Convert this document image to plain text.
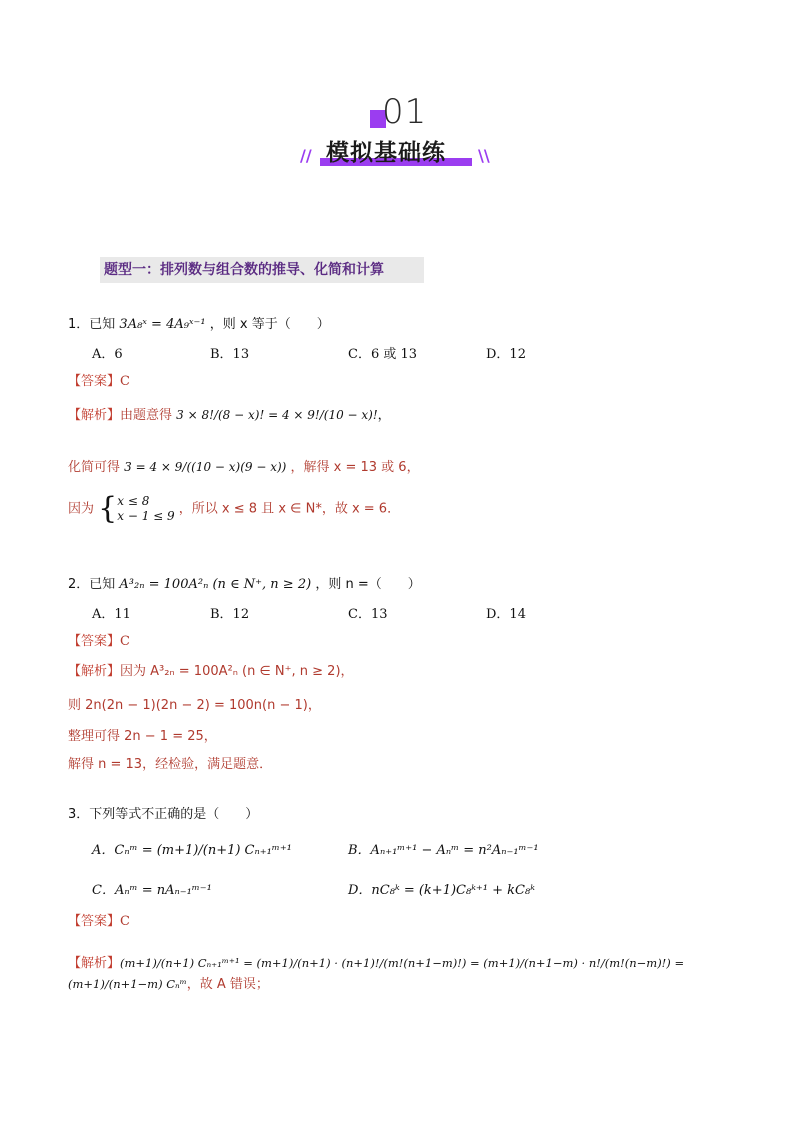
01
// 模拟基础练 \\
题型一：排列数与组合数的推导、化简和计算
1．已知 3A₈ˣ = 4A₉ˣ⁻¹ ，则 x 等于（　　）
A．6	B．13	C．6 或 13	D．12
【答案】C
【解析】由题意得 3 × 8!/(8 − x)! = 4 × 9!/(10 − x)!，
化简可得 3 = 4 × 9/((10 − x)(9 − x)) ，解得 x = 13 或 6，
因为 { x ≤ 8
x − 1 ≤ 9 ，所以 x ≤ 8 且 x ∈ N*，故 x = 6．
2．已知 A³₂ₙ = 100A²ₙ (n ∈ N⁺, n ≥ 2) ，则 n =（　　）
A．11	B．12	C．13	D．14
【答案】C
【解析】因为 A³₂ₙ = 100A²ₙ (n ∈ N⁺, n ≥ 2)，
则 2n(2n − 1)(2n − 2) = 100n(n − 1)，
整理可得 2n − 1 = 25，
解得 n = 13，经检验，满足题意．
3．下列等式不正确的是（　　）
A．Cₙᵐ = (m+1)/(n+1) Cₙ₊₁ᵐ⁺¹	B．Aₙ₊₁ᵐ⁺¹ − Aₙᵐ = n²Aₙ₋₁ᵐ⁻¹
C．Aₙᵐ = nAₙ₋₁ᵐ⁻¹	D．nC₈ᵏ = (k+1)C₈ᵏ⁺¹ + kC₈ᵏ
【答案】C
【解析】(m+1)/(n+1) Cₙ₊₁ᵐ⁺¹ = (m+1)/(n+1) · (n+1)!/(m!(n+1−m)!) = (m+1)/(n+1−m) · n!/(m!(n−m)!) = (m+1)/(n+1−m) Cₙᵐ，故 A 错误；
